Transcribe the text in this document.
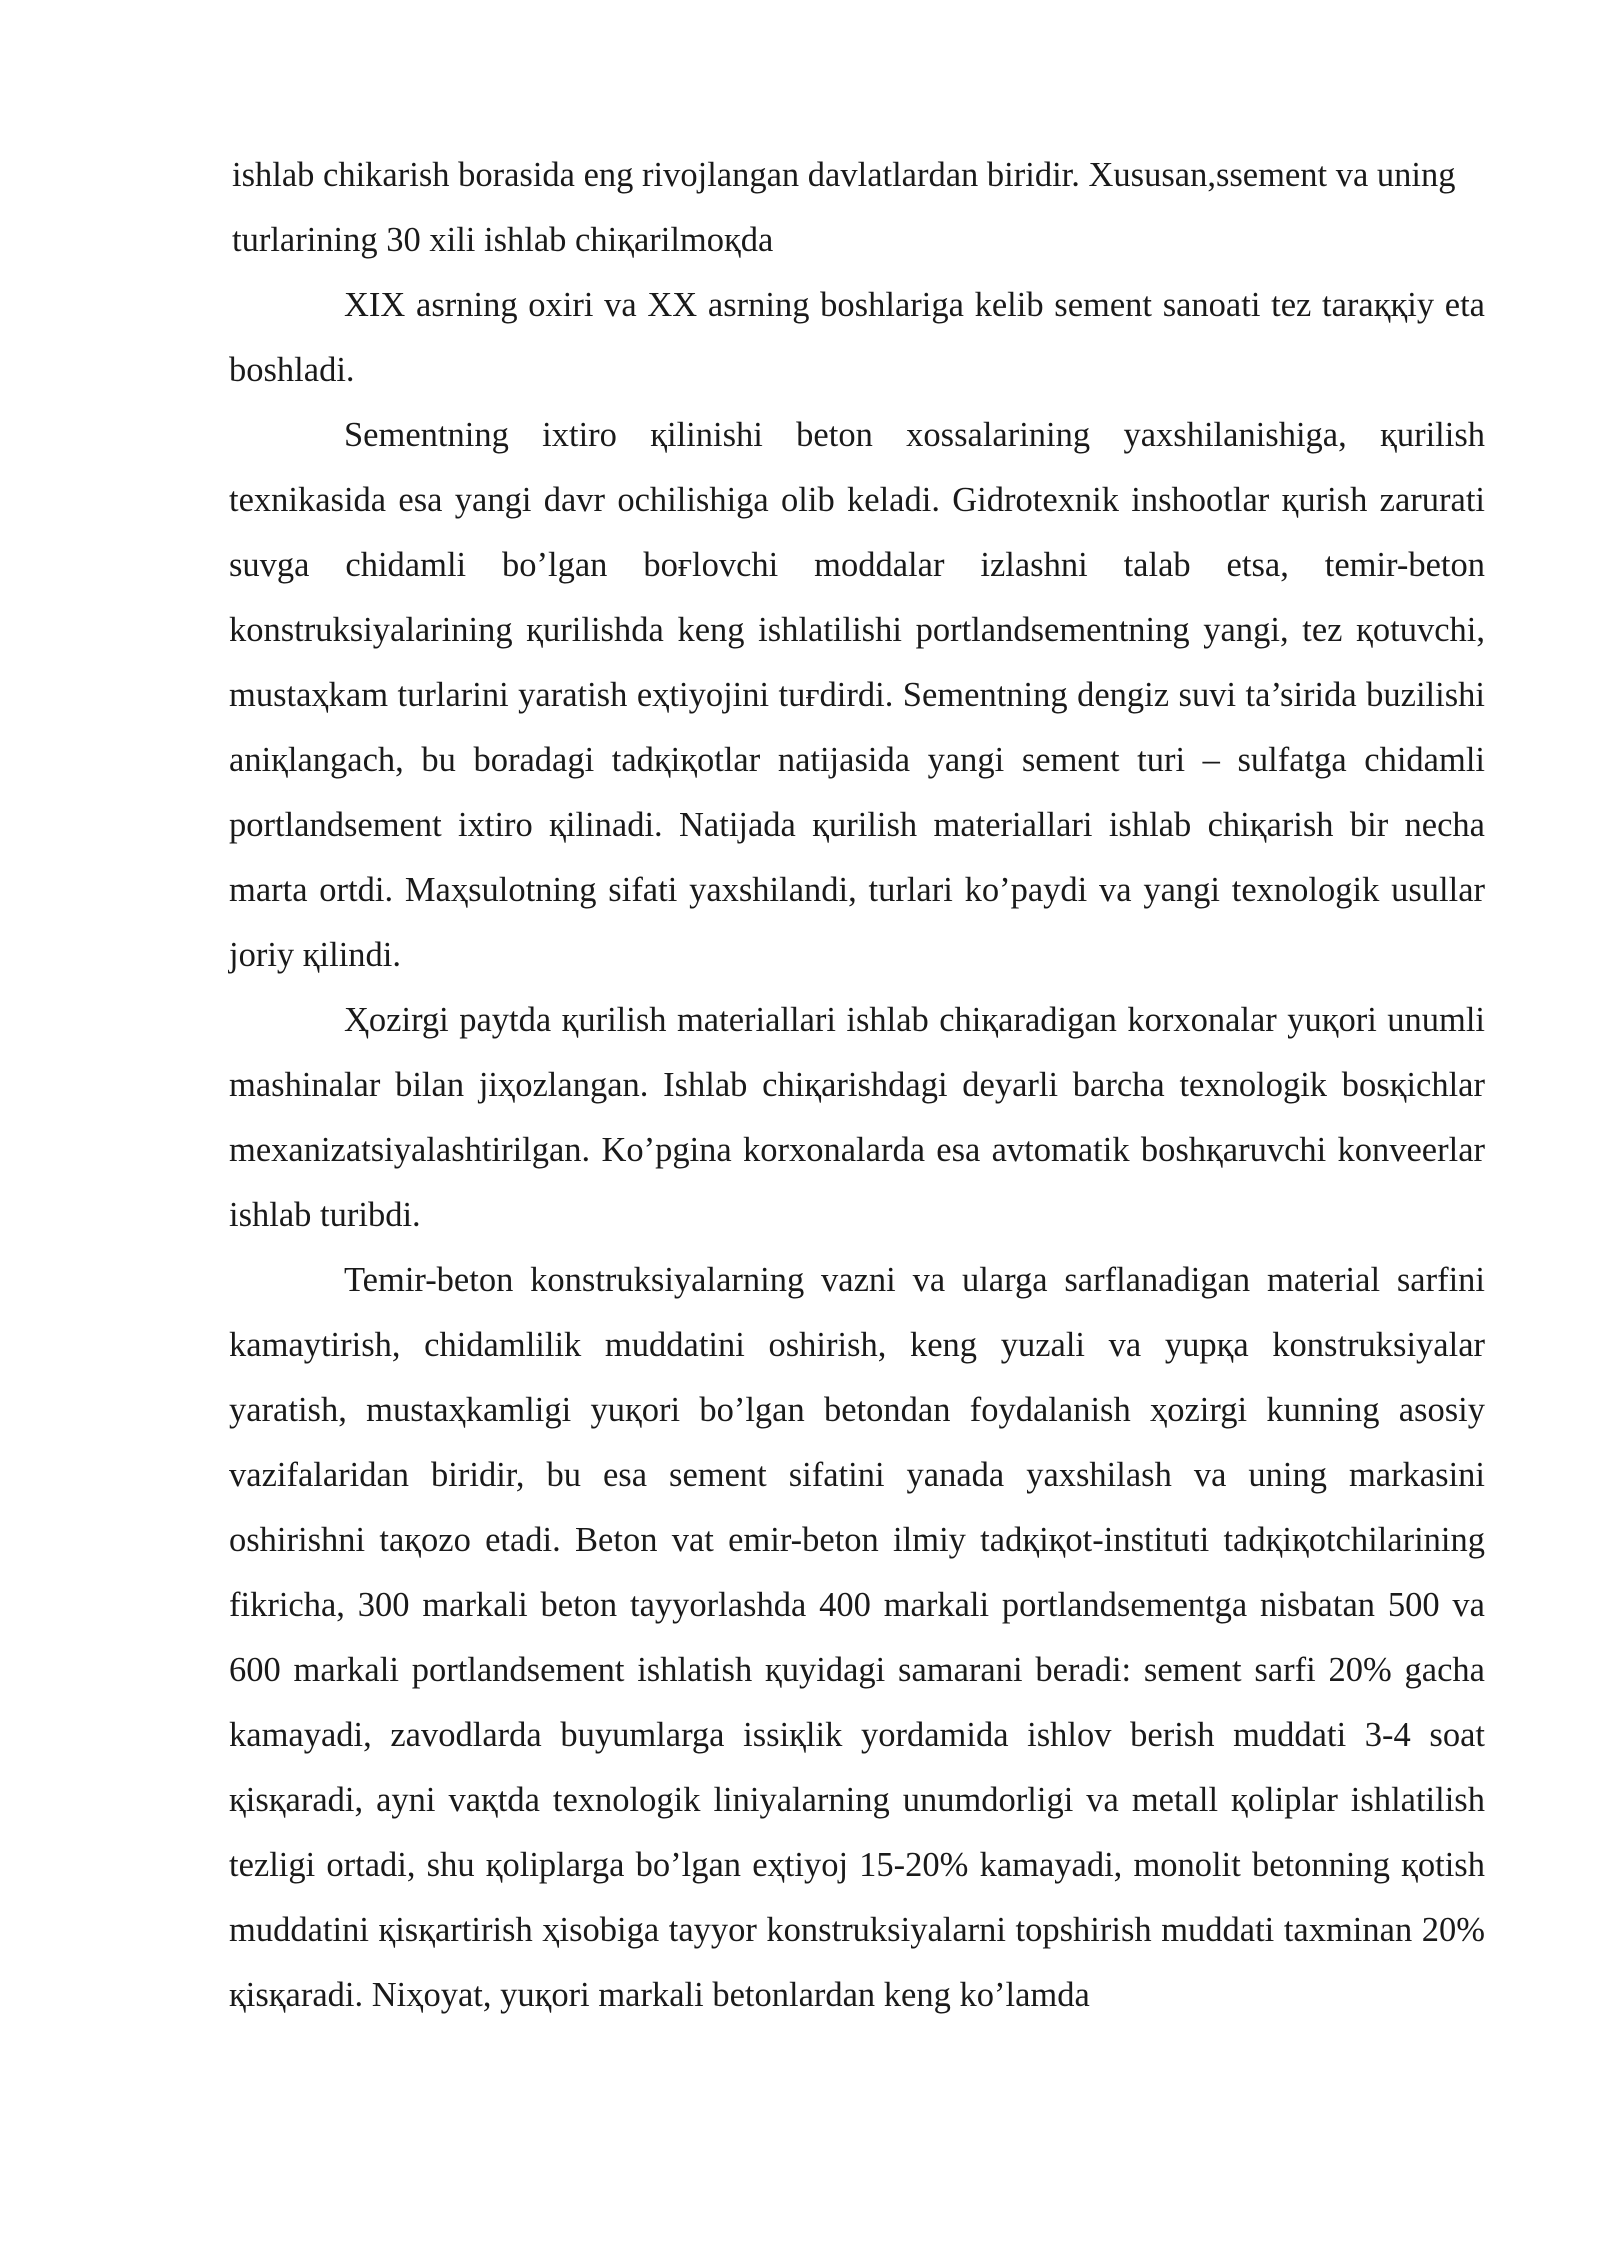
ishlab chikarish borasida eng rivojlangan davlatlardan biridir. Xususan,ssement va uning turlarining 30 xili ishlab chiқarilmoқda

XIX asrning oxiri va XX asrning boshlariga kelib sement sanoati tez taraққiy eta boshladi.

Sementning ixtiro қilinishi beton xossalarining yaxshilanishiga, қurilish texnikasida esa yangi davr ochilishiga olib keladi. Gidrotexnik inshootlar қurish zarurati suvga chidamli bo’lgan boғlovchi moddalar izlashni talab etsa, temir-beton konstruksiyalarining қurilishda keng ishlatilishi portlandsementning yangi, tez қotuvchi, mustaҳkam turlarini yaratish eҳtiyojini tuғdirdi. Sementning dengiz suvi ta’sirida buzilishi aniқlangach, bu boradagi tadқiқotlar natijasida yangi sement turi – sulfatga chidamli portlandsement ixtiro қilinadi. Natijada қurilish materiallari ishlab chiқarish bir necha marta ortdi. Maҳsulotning sifati yaxshilandi, turlari ko’paydi va yangi texnologik usullar joriy қilindi.

Ҳozirgi paytda қurilish materiallari ishlab chiқaradigan korxonalar yuқori unumli mashinalar bilan jiҳozlangan. Ishlab chiқarishdagi deyarli barcha texnologik bosқichlar mexanizatsiyalashtirilgan. Ko’pgina korxonalarda esa avtomatik boshқaruvchi konveerlar ishlab turibdi.

Temir-beton konstruksiyalarning vazni va ularga sarflanadigan material sarfini kamaytirish, chidamlilik muddatini oshirish, keng yuzali va yupқa konstruksiyalar yaratish, mustaҳkamligi yuқori bo’lgan betondan foydalanish ҳozirgi kunning asosiy vazifalaridan biridir, bu esa sement sifatini yanada yaxshilash va uning markasini oshirishni taқozo etadi. Beton vat emir-beton ilmiy tadқiқot-instituti tadқiқotchilarining fikricha, 300 markali beton tayyorlashda 400 markali portlandsementga nisbatan 500 va 600 markali portlandsement ishlatish қuyidagi samarani beradi: sement sarfi 20% gacha kamayadi, zavodlarda buyumlarga issiқlik yordamida ishlov berish muddati 3-4 soat қisқaradi, ayni vaқtda texnologik liniyalarning unumdorligi va metall қoliplar ishlatilish tezligi ortadi, shu қoliplarga bo’lgan eҳtiyoj 15-20% kamayadi, monolit betonning қotish muddatini қisқartirish ҳisobiga tayyor konstruksiyalarni topshirish muddati taxminan 20% қisқaradi. Niҳoyat, yuқori markali betonlardan keng ko’lamda
